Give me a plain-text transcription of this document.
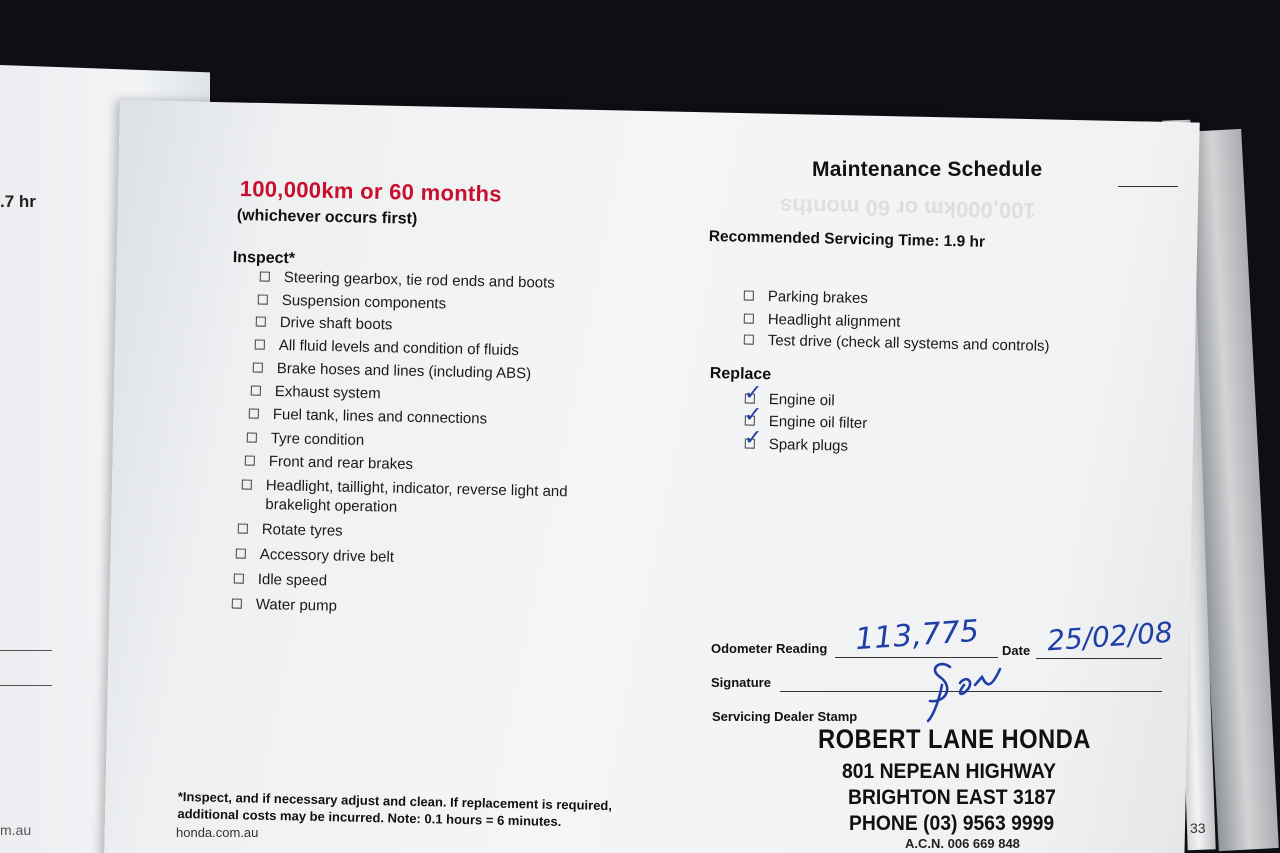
.7 hr
m.au
100,000km or 60 months
100,000km or 60 months
(whichever occurs first)
Inspect*
Steering gearbox, tie rod ends and boots
Suspension components
Drive shaft boots
All fluid levels and condition of fluids
Brake hoses and lines (including ABS)
Exhaust system
Fuel tank, lines and connections
Tyre condition
Front and rear brakes
Headlight, taillight, indicator, reverse light and brakelight operation
Rotate tyres
Accessory drive belt
Idle speed
Water pump
Maintenance Schedule
Recommended Servicing Time: 1.9 hr
Parking brakes
Headlight alignment
Test drive (check all systems and controls)
Replace
✓ Engine oil
✓ Engine oil filter
✓ Spark plugs
Odometer Reading 113,775 Date 25/02/08
Signature
Servicing Dealer Stamp
ROBERT LANE HONDA
801 NEPEAN HIGHWAY
BRIGHTON EAST 3187
PHONE (03) 9563 9999
A.C.N. 006 669 848
*Inspect, and if necessary adjust and clean. If replacement is required, additional costs may be incurred. Note: 0.1 hours = 6 minutes.
honda.com.au	33
